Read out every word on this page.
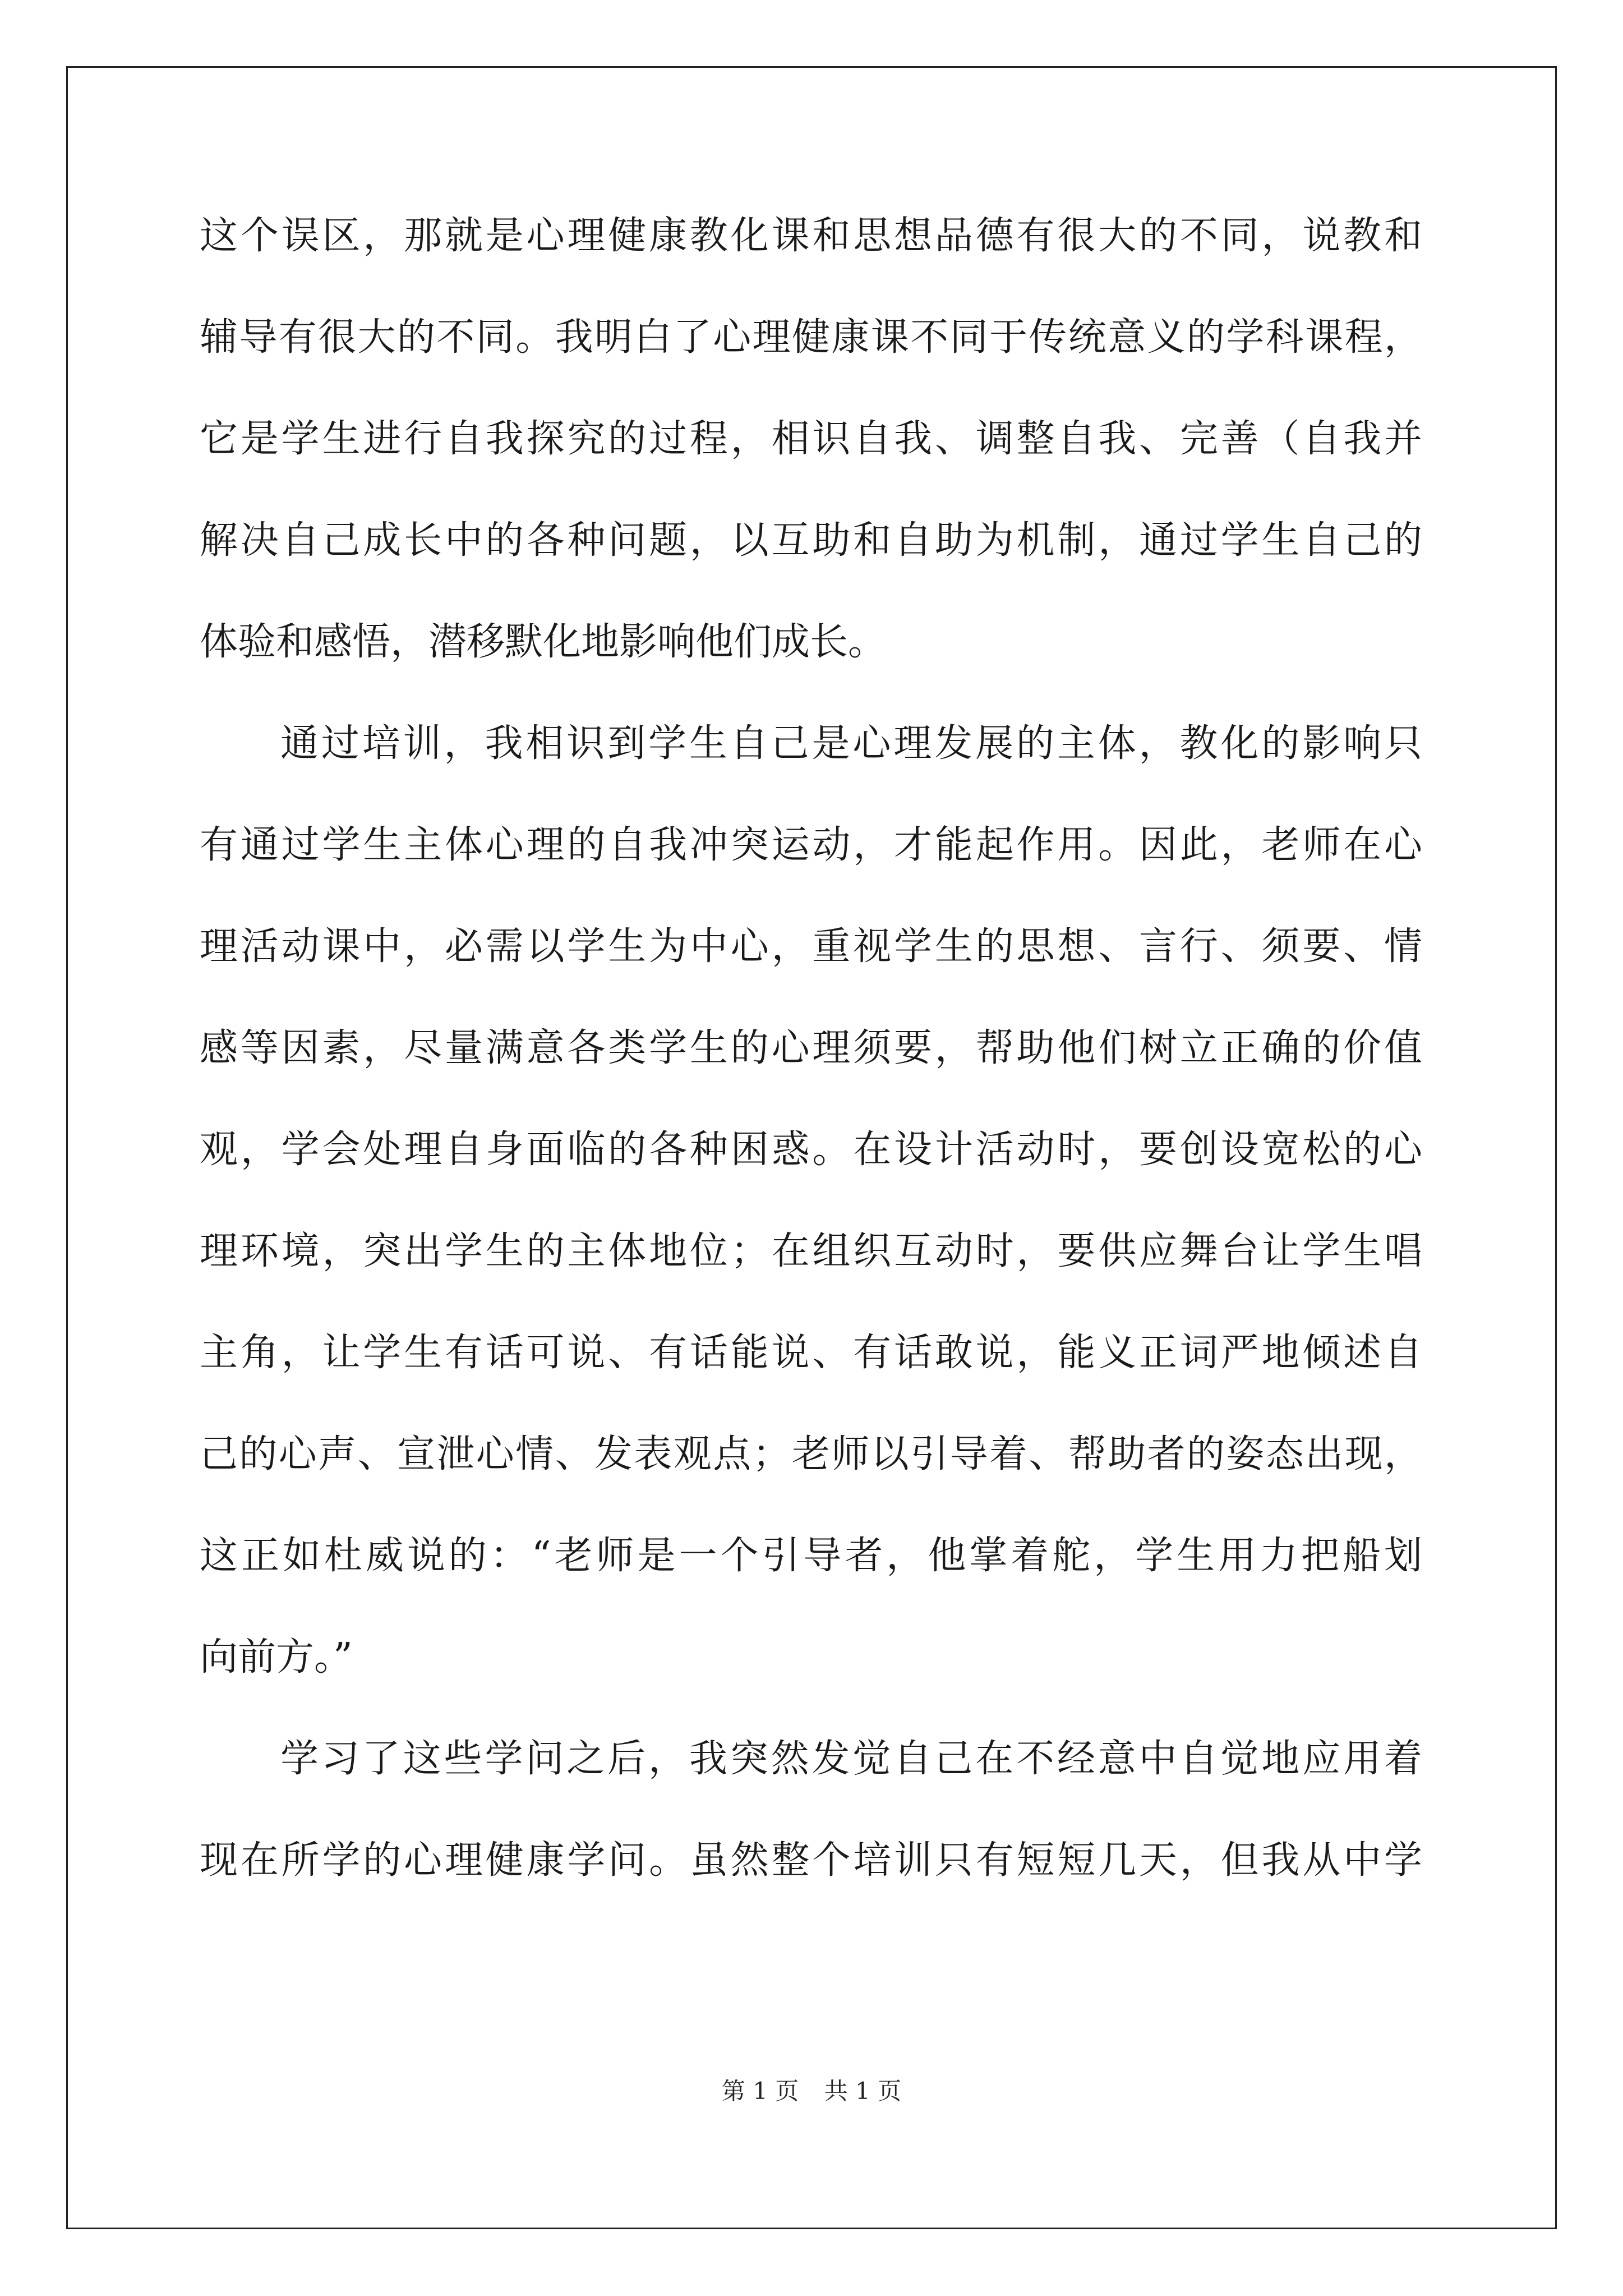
这个误区，那就是心理健康教化课和思想品德有很大的不同，说教和
辅导有很大的不同。我明白了心理健康课不同于传统意义的学科课程，
它是学生进行自我探究的过程，相识自我、调整自我、完善（自我并
解决自己成长中的各种问题，以互助和自助为机制，通过学生自己的
体验和感悟，潜移默化地影响他们成长。
通过培训，我相识到学生自己是心理发展的主体，教化的影响只
有通过学生主体心理的自我冲突运动，才能起作用。因此，老师在心
理活动课中，必需以学生为中心，重视学生的思想、言行、须要、情
感等因素，尽量满意各类学生的心理须要，帮助他们树立正确的价值
观，学会处理自身面临的各种困惑。在设计活动时，要创设宽松的心
理环境，突出学生的主体地位；在组织互动时，要供应舞台让学生唱
主角，让学生有话可说、有话能说、有话敢说，能义正词严地倾述自
己的心声、宣泄心情、发表观点；老师以引导着、帮助者的姿态出现，
这正如杜威说的：“老师是一个引导者，他掌着舵，学生用力把船划
向前方。”
学习了这些学问之后，我突然发觉自己在不经意中自觉地应用着
现在所学的心理健康学问。虽然整个培训只有短短几天，但我从中学
第 1 页 共 1 页
